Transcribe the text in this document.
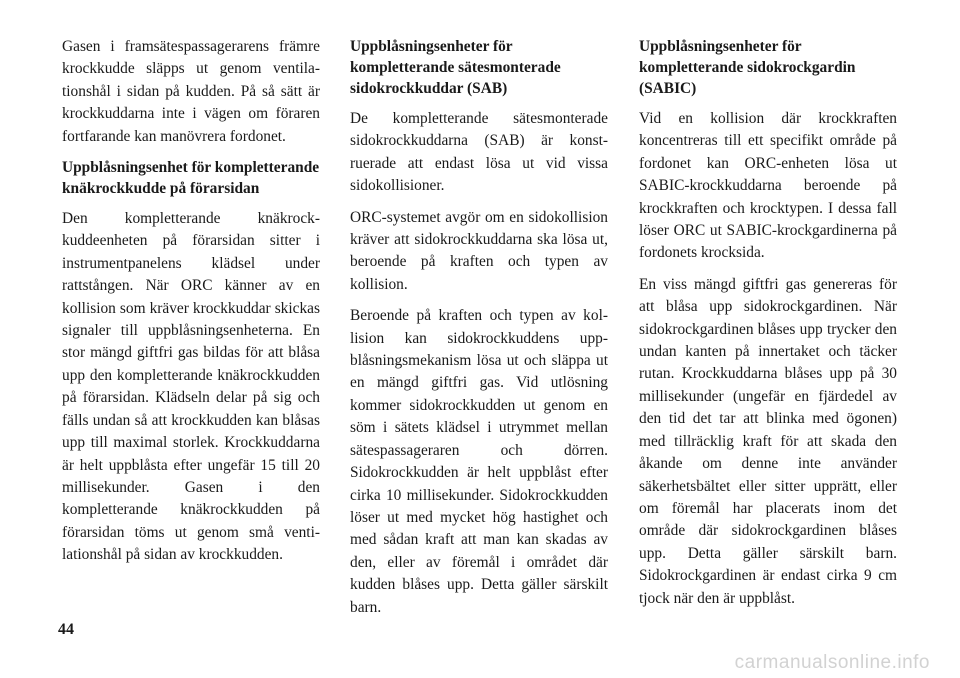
Gasen i framsätespassagerarens främre krockkudde släpps ut genom ventilationshål i sidan på kudden. På så sätt är krockkuddarna inte i vägen om föraren fortfarande kan manövrera fordonet.

Uppblåsningsenhet för kompletterande knäkrockkudde på förarsidan

Den kompletterande knäkrockkuddeenheten på förarsidan sitter i instrumentpanelens klädsel under rattstången. När ORC känner av en kollision som kräver krockkuddar skickas signaler till uppblåsningsenheterna. En stor mängd giftfri gas bildas för att blåsa upp den kompletterande knäkrockkudden på förarsidan. Klädseln delar på sig och fälls undan så att krockkudden kan blåsas upp till maximal storlek. Krockkuddarna är helt uppblåsta efter ungefär 15 till 20 millisekunder. Gasen i den kompletterande knäkrockkudden på förarsidan töms ut genom små ventilationshål på sidan av krockkudden.

Uppblåsningsenheter för kompletterande sätesmonterade sidokrockkuddar (SAB)

De kompletterande sätesmonterade sidokrockkuddarna (SAB) är konstruerade att endast lösa ut vid vissa sidokollisioner.

ORC-systemet avgör om en sidokollision kräver att sidokrockkuddarna ska lösa ut, beroende på kraften och typen av kollision.

Beroende på kraften och typen av kollision kan sidokrockkuddens uppblåsningsmekanism lösa ut och släppa ut en mängd giftfri gas. Vid utlösning kommer sidokrockkudden ut genom en söm i sätets klädsel i utrymmet mellan sätespassageraren och dörren. Sidokrockkudden är helt uppblåst efter cirka 10 millisekunder. Sidokrockkudden löser ut med mycket hög hastighet och med sådan kraft att man kan skadas av den, eller av föremål i området där kudden blåses upp. Detta gäller särskilt barn.

Uppblåsningsenheter för kompletterande sidokrockgardin (SABIC)

Vid en kollision där krockkraften koncentreras till ett specifikt område på fordonet kan ORC-enheten lösa ut SABIC-krockkuddarna beroende på krockkraften och krocktypen. I dessa fall löser ORC ut SABIC-krockgardinerna på fordonets krocksida.

En viss mängd giftfri gas genereras för att blåsa upp sidokrockgardinen. När sidokrockgardinen blåses upp trycker den undan kanten på innertaket och täcker rutan. Krockkuddarna blåses upp på 30 millisekunder (ungefär en fjärdedel av den tid det tar att blinka med ögonen) med tillräcklig kraft för att skada den åkande om denne inte använder säkerhetsbältet eller sitter upprätt, eller om föremål har placerats inom det område där sidokrockgardinen blåses upp. Detta gäller särskilt barn. Sidokrockgardinen är endast cirka 9 cm tjock när den är uppblåst.

44
carmanualsonline.info
